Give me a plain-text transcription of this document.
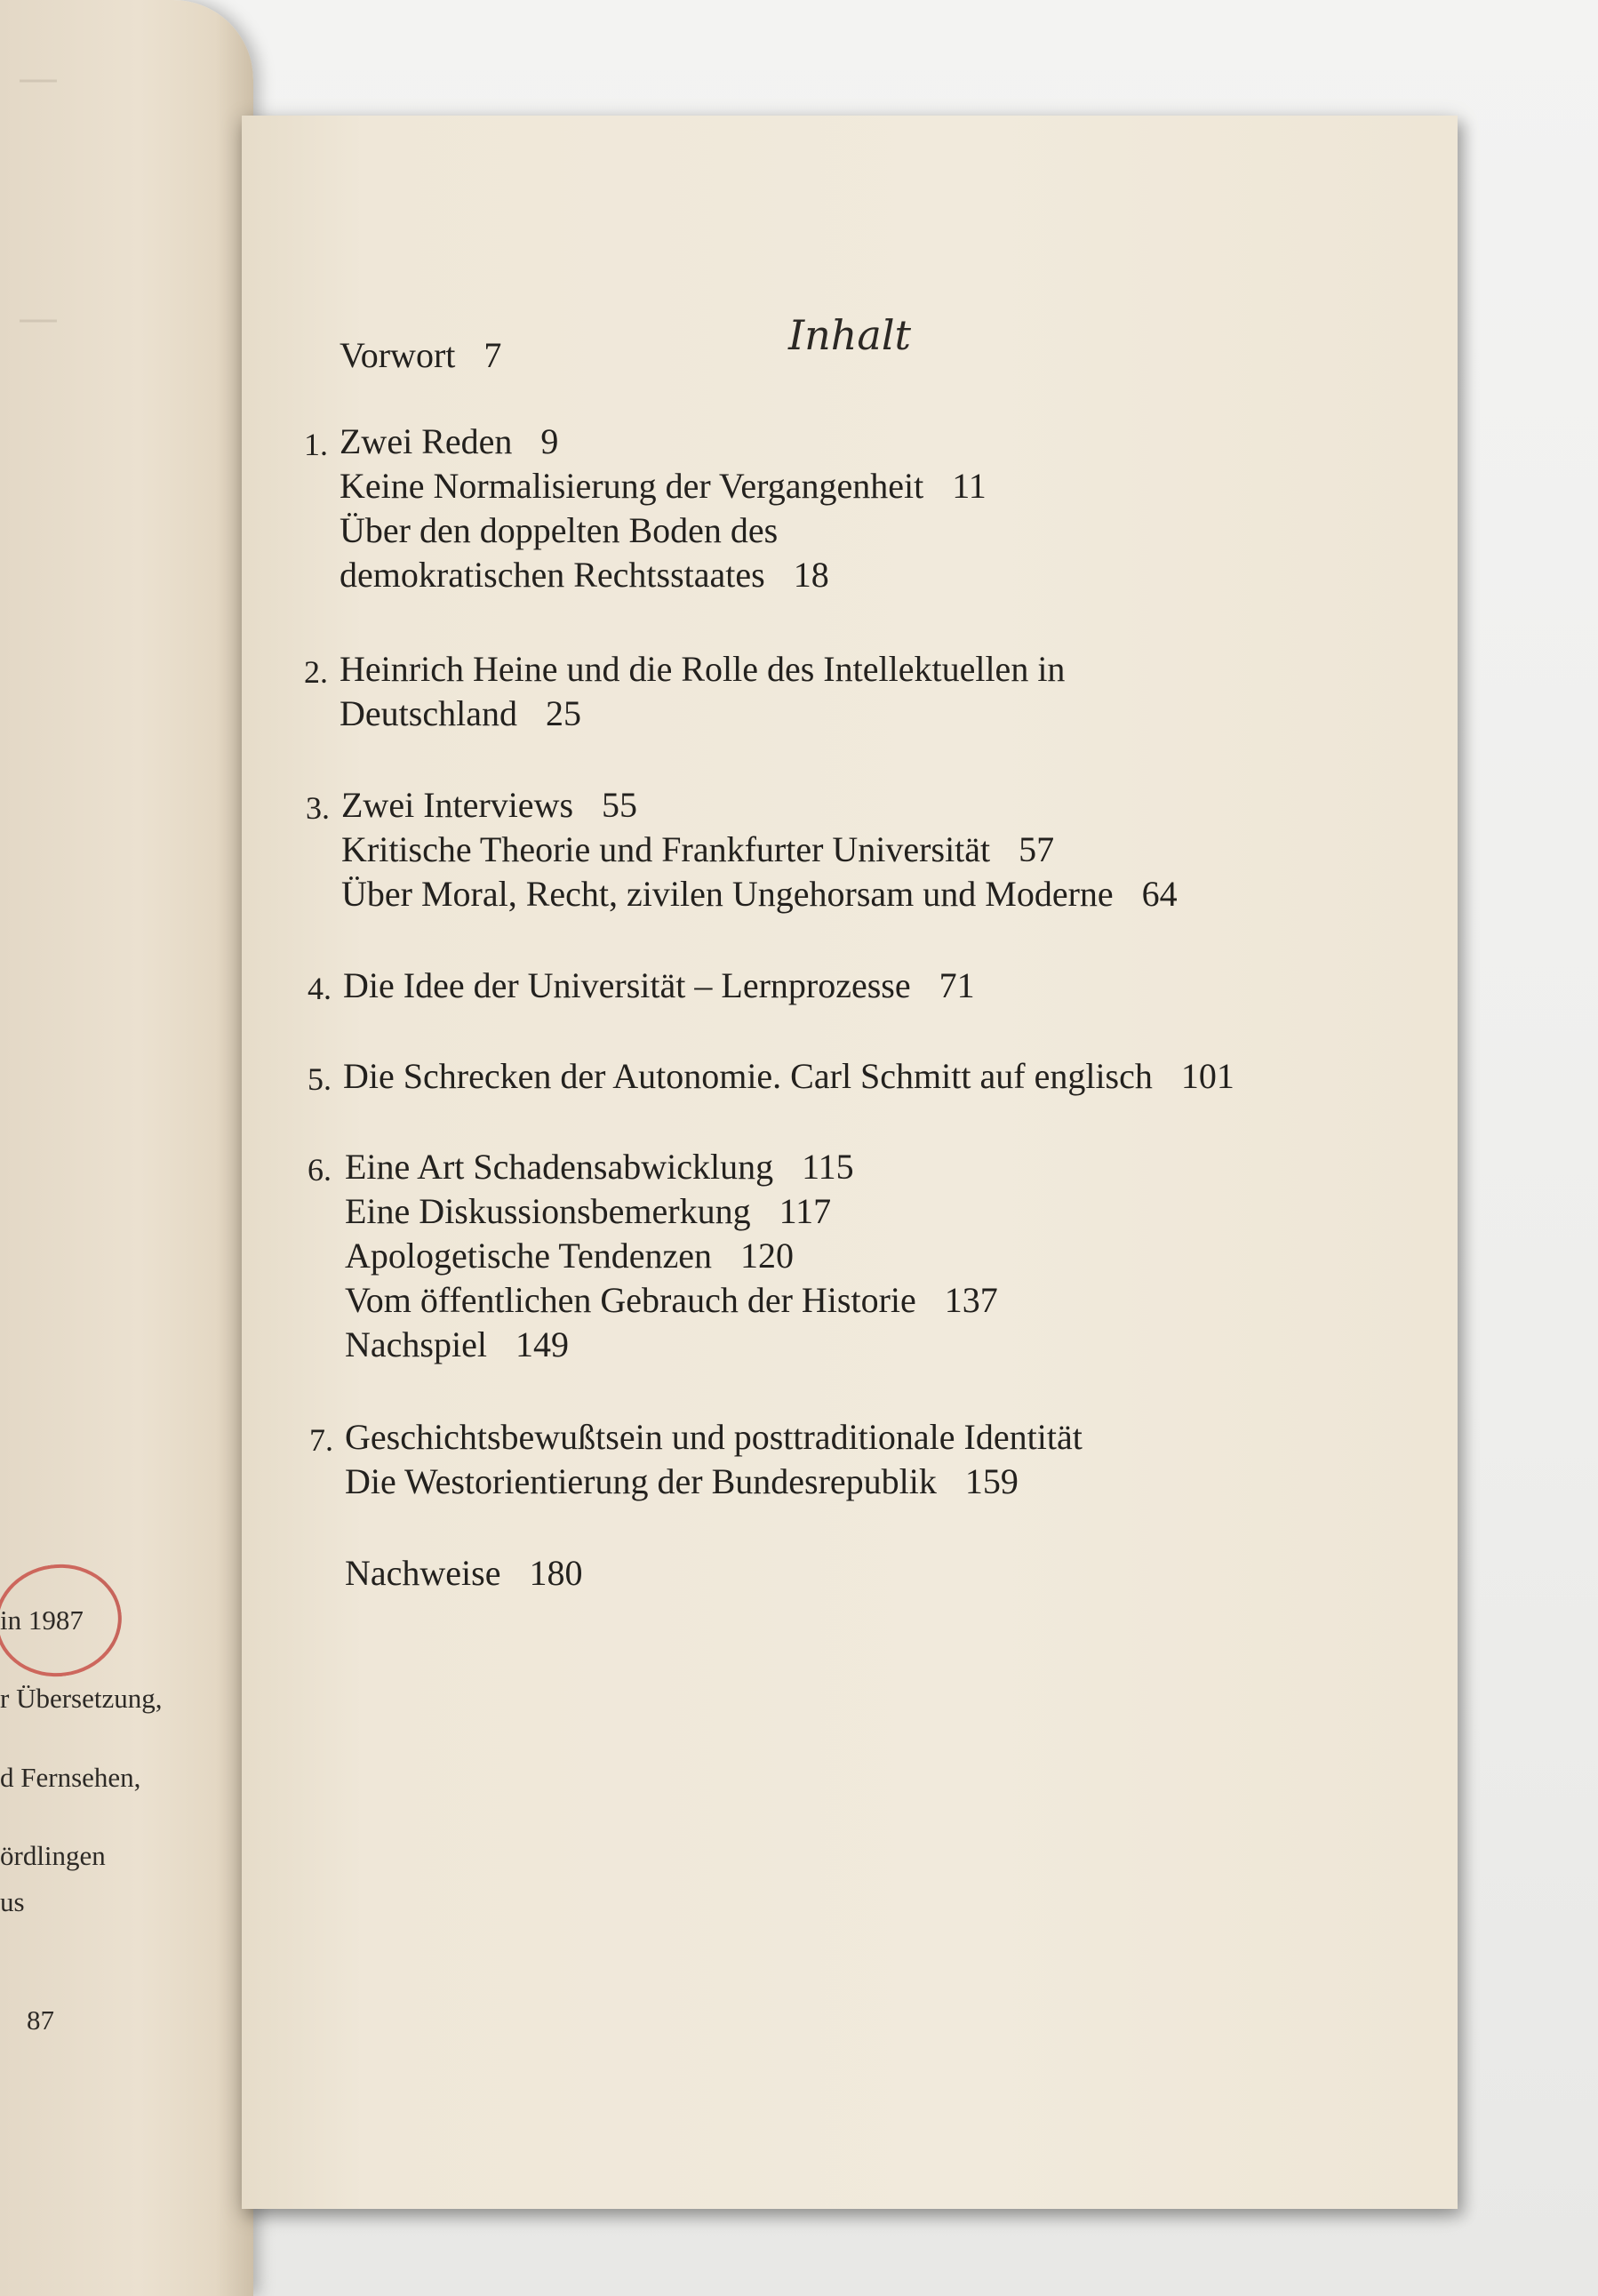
—
—
in 1987
r Übersetzung,
d Fernsehen,
ördlingen
us
87
Inhalt
Vorwort 7
1. Zwei Reden 9
Keine Normalisierung der Vergangenheit 11
Über den doppelten Boden des
demokratischen Rechtsstaates 18
2. Heinrich Heine und die Rolle des Intellektuellen in
Deutschland 25
3. Zwei Interviews 55
Kritische Theorie und Frankfurter Universität 57
Über Moral, Recht, zivilen Ungehorsam und Moderne 64
4. Die Idee der Universität – Lernprozesse 71
5. Die Schrecken der Autonomie. Carl Schmitt auf englisch 101
6. Eine Art Schadensabwicklung 115
Eine Diskussionsbemerkung 117
Apologetische Tendenzen 120
Vom öffentlichen Gebrauch der Historie 137
Nachspiel 149
7. Geschichtsbewußtsein und posttraditionale Identität
Die Westorientierung der Bundesrepublik 159
Nachweise 180
